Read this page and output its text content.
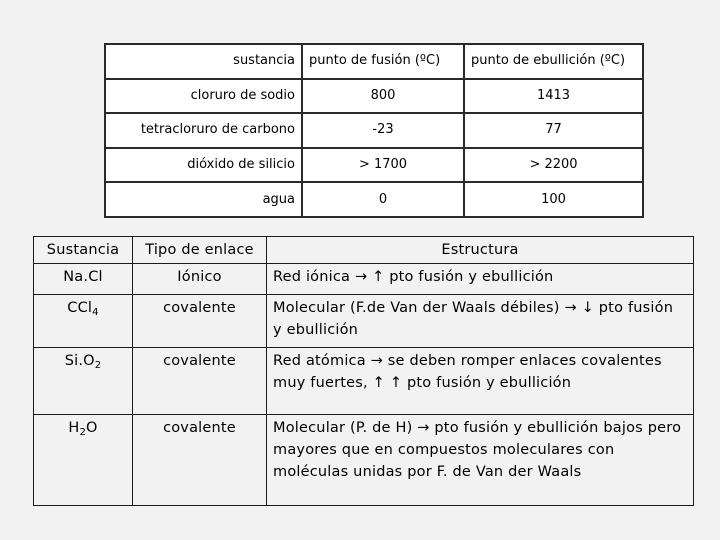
sustancia	punto de fusión (ºC)	punto de ebullición (ºC)
cloruro de sodio	800	1413
tetracloruro de carbono	-23	77
dióxido de silicio	> 1700	> 2200
agua	0	100
Sustancia	Tipo de enlace	Estructura
Na.Cl	Iónico	Red iónica → ↑ pto fusión y ebullición
CCl$_4$	covalente	Molecular (F.de Van der Waals débiles) → ↓ pto fusión y ebullición
$Si.O_2$	covalente	Red atómica → se deben romper enlaces covalentes muy fuertes, ↑ ↑ pto fusión y ebullición
$H_2O$	covalente	Molecular (P. de H) → pto fusión y ebullición bajos pero mayores que en compuestos moleculares con moléculas unidas por F. de Van der Waals
